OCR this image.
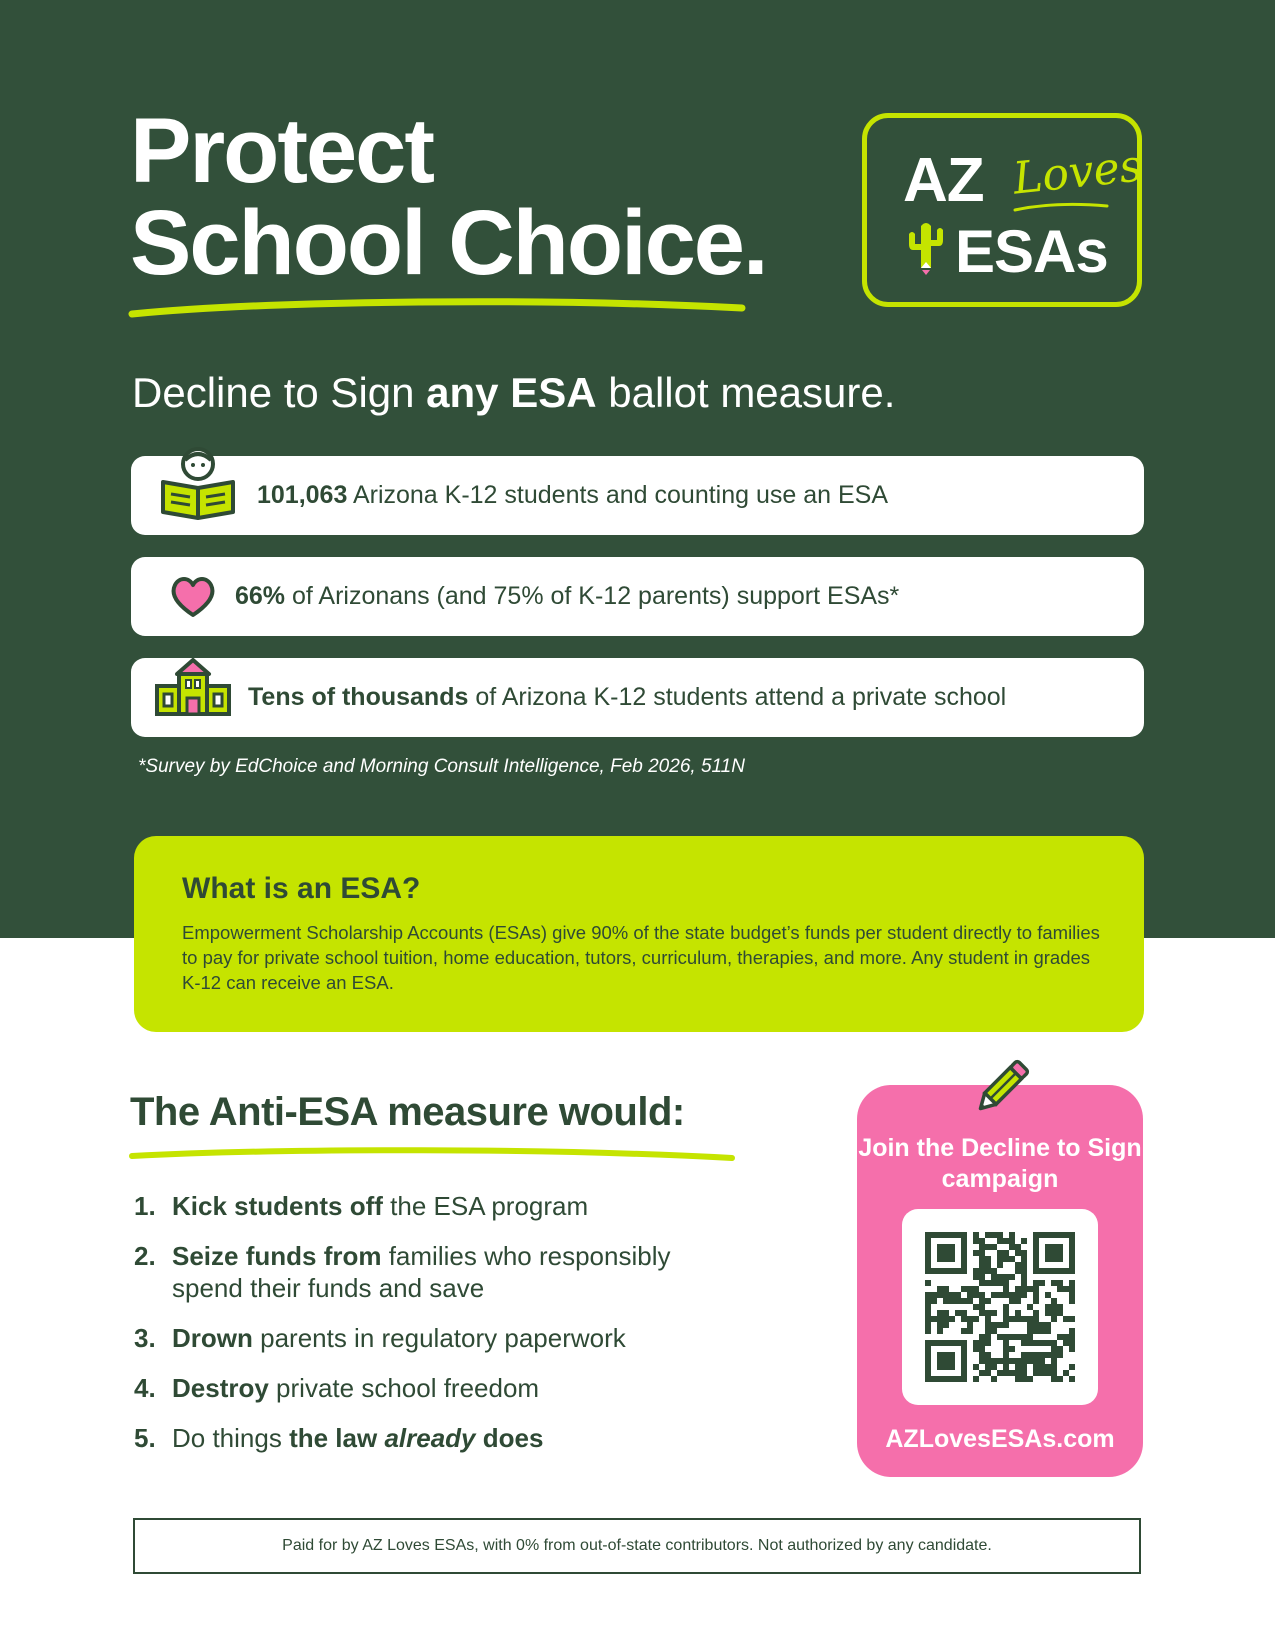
Protect
School Choice.
AZ Loves
ESAs

Decline to Sign any ESA ballot measure.

101,063 Arizona K-12 students and counting use an ESA
66% of Arizonans (and 75% of K-12 parents) support ESAs*
Tens of thousands of Arizona K-12 students attend a private school

*Survey by EdChoice and Morning Consult Intelligence, Feb 2026, 511N

What is an ESA?

Empowerment Scholarship Accounts (ESAs) give 90% of the state budget’s funds per student directly to families to pay for private school tuition, home education, tutors, curriculum, therapies, and more. Any student in grades K-12 can receive an ESA.

The Anti-ESA measure would:
1. Kick students off the ESA program
2. Seize funds from families who responsibly spend their funds and save
3. Drown parents in regulatory paperwork
4. Destroy private school freedom
5. Do things the law already does

Join the Decline to Sign campaign

AZLovesESAs.com

Paid for by AZ Loves ESAs, with 0% from out-of-state contributors. Not authorized by any candidate.
